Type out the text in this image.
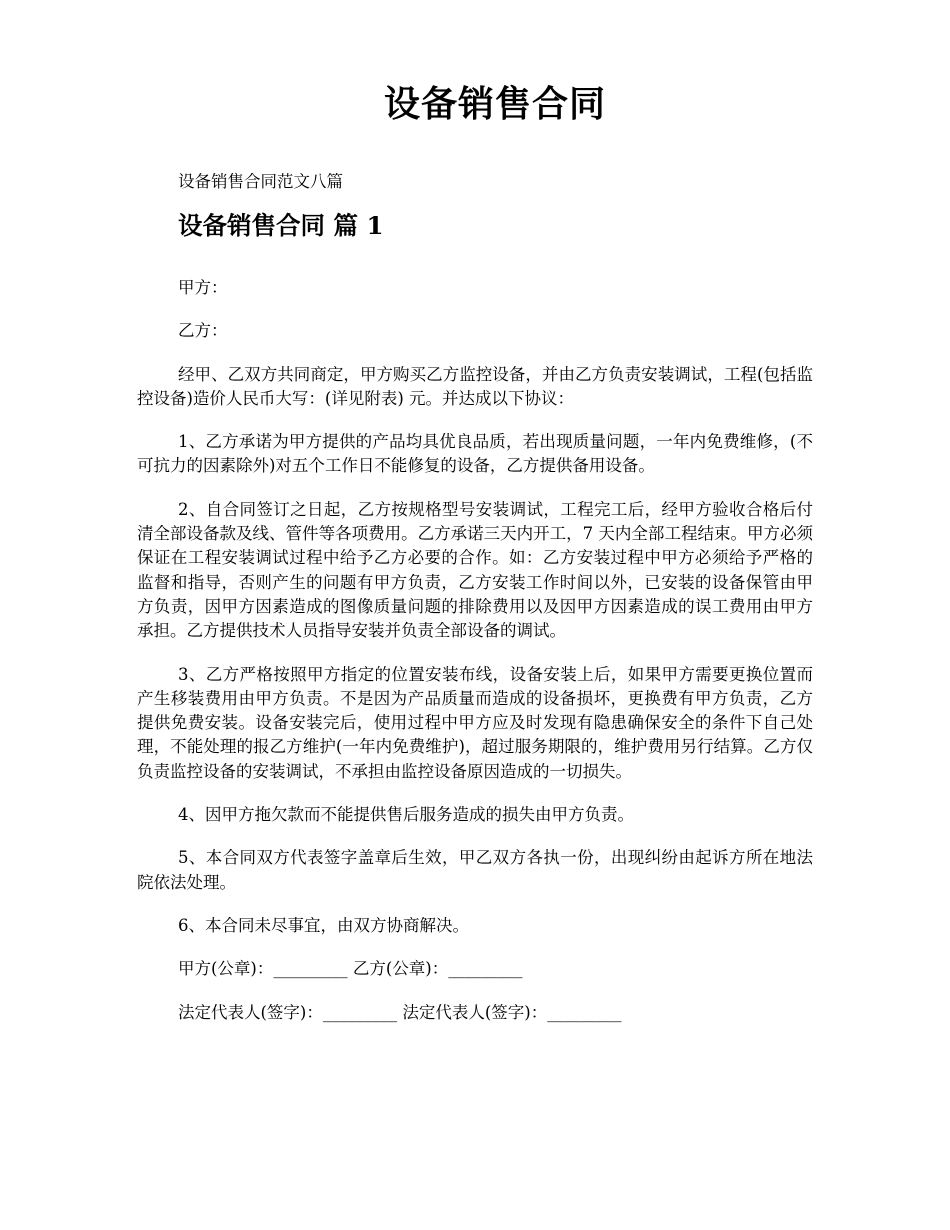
设备销售合同
设备销售合同范文八篇
设备销售合同 篇 1

甲方：

乙方：

经甲、乙双方共同商定，甲方购买乙方监控设备，并由乙方负责安装调试，工程(包括监控设备)造价人民币大写：(详见附表) 元。并达成以下协议：

1、乙方承诺为甲方提供的产品均具优良品质，若出现质量问题，一年内免费维修，(不可抗力的因素除外)对五个工作日不能修复的设备，乙方提供备用设备。

2、自合同签订之日起，乙方按规格型号安装调试，工程完工后，经甲方验收合格后付清全部设备款及线、管件等各项费用。乙方承诺三天内开工，7 天内全部工程结束。甲方必须保证在工程安装调试过程中给予乙方必要的合作。如：乙方安装过程中甲方必须给予严格的监督和指导，否则产生的问题有甲方负责，乙方安装工作时间以外，已安装的设备保管由甲方负责，因甲方因素造成的图像质量问题的排除费用以及因甲方因素造成的误工费用由甲方承担。乙方提供技术人员指导安装并负责全部设备的调试。

3、乙方严格按照甲方指定的位置安装布线，设备安装上后，如果甲方需要更换位置而产生移装费用由甲方负责。不是因为产品质量而造成的设备损坏，更换费有甲方负责，乙方提供免费安装。设备安装完后，使用过程中甲方应及时发现有隐患确保安全的条件下自己处理，不能处理的报乙方维护(一年内免费维护)，超过服务期限的，维护费用另行结算。乙方仅负责监控设备的安装调试，不承担由监控设备原因造成的一切损失。

4、因甲方拖欠款而不能提供售后服务造成的损失由甲方负责。

5、本合同双方代表签字盖章后生效，甲乙双方各执一份，出现纠纷由起诉方所在地法院依法处理。

6、本合同未尽事宜，由双方协商解决。

甲方(公章)：_________ 乙方(公章)：_________

法定代表人(签字)：_________ 法定代表人(签字)：_________
